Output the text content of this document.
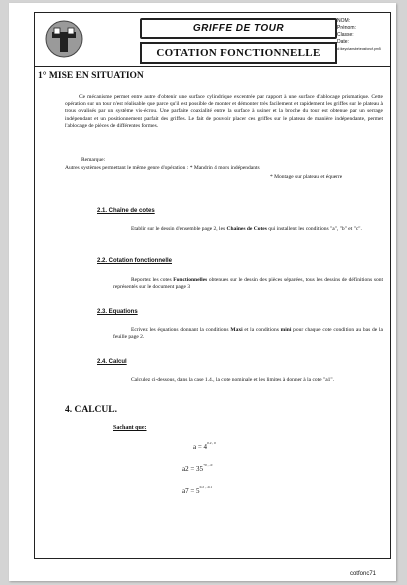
GRIFFE DE TOUR
COTATION FONCTIONNELLE
NOM:
Prénom:
Classe:
Date:
d:\keyo\ansbe\eosfoncf.pm5
1° MISE EN SITUATION
Ce mécanisme permet entre autre d'obtenir une surface cylindrique excentrée par rapport à une surface d'ablocage prismatique. Cette opération sur un tour n'est réalisable que parce qu'il est possible de monter et démonter très facilement et rapidement les griffes sur le plateau à trous ovalisés par un système vis-écrou. Une parfaite coaxialité entre la surface à usiner et la broche du tour est obtenue par un serrage indépendant et un positionnement parfait des griffes. Le fait de pouvoir placer ces griffes sur le plateau de manière indépendante, permet l'ablocage de pièces de différentes formes.
Remarque:
Autres systèmes permettant le même genre d'opération : * Mandrin 4 mors indépendants
* Montage sur plateau et équerre
2.1. Chaîne de cotes
Etablir sur le dessin d'ensemble page 2, les Chaînes de Cotes qui installent les conditions "a", "b" et "c".
2.2. Cotation fonctionnelle
Reportez les cotes Fonctionnelles obtenues sur le dessin des pièces séparées, tous les dessins de définitions sont représentés sur le document page 3
2.3. Equations
Ecrivez les équations donnant la conditions Maxi et la conditions mini pour chaque cote condition au bas de la feuille page 2.
2.4. Calcul
Calculez ci-dessous, dans la case 1.4., la cote nominale et les limites à donner à la cote "a1".
4. CALCUL.
Sachant que:
$a = 4^{0.2 , 0}$
$a2 = 35^{+0 , -0}$
$a7 = 5^{0.2 , -0.1}$
cotfonc71
